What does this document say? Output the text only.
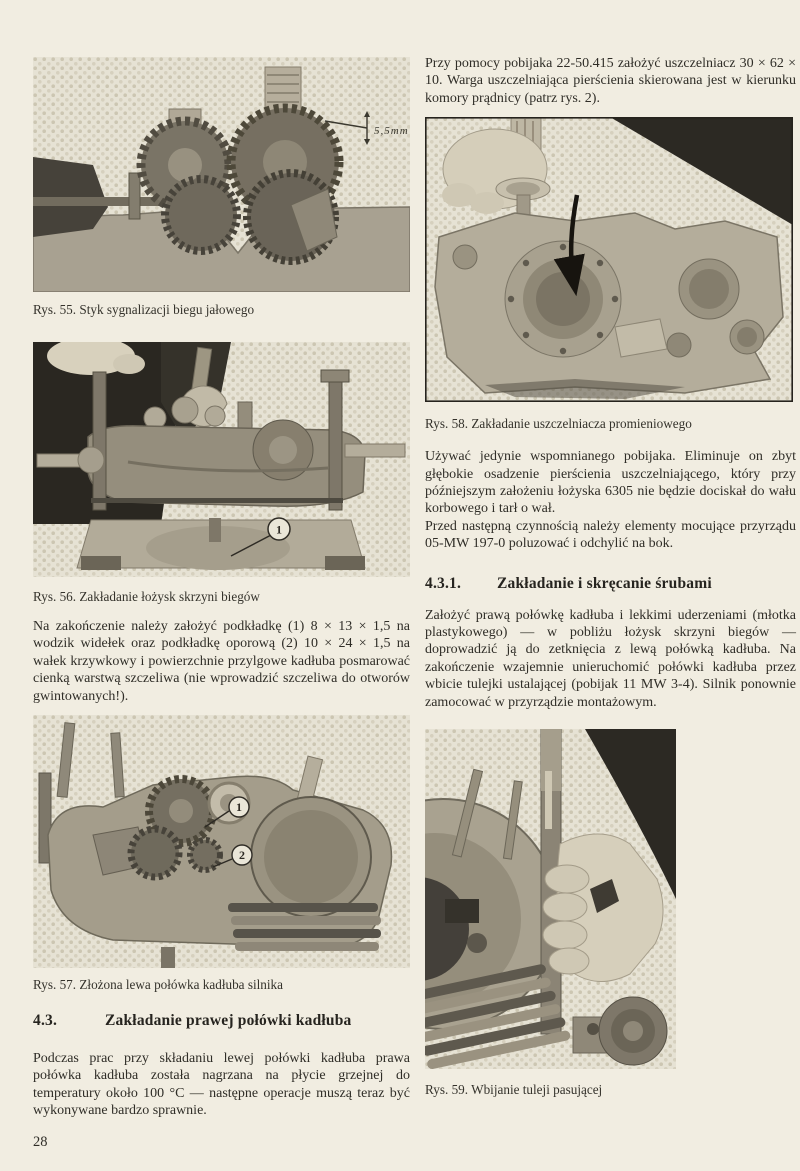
5,5mm

Rys. 55. Styk sygnalizacji biegu jałowego

1

Rys. 56. Zakładanie łożysk skrzyni biegów

Na zakończenie należy założyć podkładkę (1) 8 × 13 × 1,5 na wodzik widełek oraz podkładkę oporową (2) 10 × 24 × 1,5 na wałek krzywkowy i powierzchnie przylgowe kadłuba posmarować cienką warstwą szczeliwa (nie wprowadzić szczeliwa do otworów gwintowanych!).

1
2

Rys. 57. Złożona lewa połówka kadłuba silnika

4.3.	Zakładanie prawej połówki kadłuba

Podczas prac przy składaniu lewej połówki kadłuba prawa połówka kadłuba została nagrzana na płycie grzejnej do temperatury około 100 °C — następne operacje muszą teraz być wykonywane bardzo sprawnie.

28

Przy pomocy pobijaka 22-50.415 założyć uszczelniacz 30 × 62 × 10. Warga uszczelniająca pierścienia skierowana jest w kierunku komory prądnicy (patrz rys. 2).

Rys. 58. Zakładanie uszczelniacza promieniowego

Używać jedynie wspomnianego pobijaka. Eliminuje on zbyt głębokie osadzenie pierścienia uszczelniającego, który przy późniejszym założeniu łożyska 6305 nie będzie dociskał do wału korbowego i tarł o wał.

Przed następną czynnością należy elementy mocujące przyrządu 05-MW 197-0 poluzować i odchylić na bok.

4.3.1. Zakładanie i skręcanie śrubami

Założyć prawą połówkę kadłuba i lekkimi uderzeniami (młotka plastykowego) — w pobliżu łożysk skrzyni biegów — doprowadzić ją do zetknięcia z lewą połówką kadłuba. Na zakończenie wzajemnie unieruchomić połówki kadłuba przez wbicie tulejki ustalającej (pobijak 11 MW 3-4). Silnik ponownie zamocować w przyrządzie montażowym.

Rys. 59. Wbijanie tuleji pasującej
